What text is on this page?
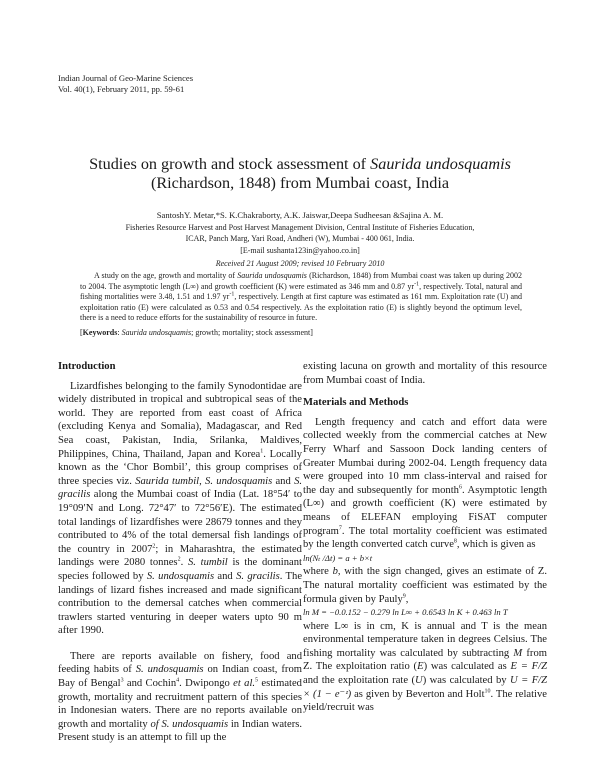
Indian Journal of Geo-Marine Sciences
Vol. 40(1), February 2011, pp. 59-61
Studies on growth and stock assessment of Saurida undosquamis
(Richardson, 1848) from Mumbai coast, India
SantoshY. Metar,*S. K.Chakraborty, A.K. Jaiswar,Deepa Sudheesan &Sajina A. M.
Fisheries Resource Harvest and Post Harvest Management Division, Central Institute of Fisheries Education,
ICAR, Panch Marg, Yari Road, Andheri (W), Mumbai - 400 061, India.
[E-mail sushanta123in@yahoo.co.in]
Received 21 August 2009; revised 10 February 2010

A study on the age, growth and mortality of Saurida undosquamis (Richardson, 1848) from Mumbai coast was taken up during 2002 to 2004. The asymptotic length (L∞) and growth coefficient (K) were estimated as 346 mm and 0.87 $yr^{-1}$, respectively. Total, natural and fishing mortalities were 3.48, 1.51 and 1.97 $yr^{-1}$, respectively. Length at first capture was estimated as 161 mm. Exploitation rate (U) and exploitation ratio (E) were calculated as 0.53 and 0.54 respectively. As the exploitation ratio (E) is slightly beyond the optimum level, there is a need to reduce efforts for the sustainability of resource in future.

[Keywords: Saurida undosquamis; growth; mortality; stock assessment]
Introduction

Lizardfishes belonging to the family Synodontidae are widely distributed in tropical and subtropical seas of the world. They are reported from east coast of Africa (excluding Kenya and Somalia), Madagascar, and Red Sea coast, Pakistan, India, Srilanka, Maldives, Philippines, China, Thailand, Japan and Korea$^1$. Locally known as the ‘Chor Bombil’, this group comprises of three species viz. Saurida tumbil, S. undosquamis and S. gracilis along the Mumbai coast of India (Lat. 18°54′ to 19°09′N and Long. 72°47′ to 72°56′E). The estimated total landings of lizardfishes were 28679 tonnes and they contributed to 4% of the total demersal fish landings of the country in 2007$^2$; in Maharashtra, the estimated landings were 2080 tonnes$^2$. S. tumbil is the dominant species followed by S. undosquamis and S. gracilis. The landings of lizard fishes increased and made significant contribution to the demersal catches when commercial trawlers started venturing in deeper waters upto 90 m after 1990.

There are reports available on fishery, food and feeding habits of S. undosquamis on Indian coast, from Bay of Bengal$^3$ and Cochin$^4$. Dwipongo et al.$^5$ estimated growth, mortality and recruitment pattern of this species in Indonesian waters. There are no reports available on growth and mortality of S. undosquamis in Indian waters. Present study is an attempt to fill up the

existing lacuna on growth and mortality of this resource from Mumbai coast of India.

Materials and Methods

Length frequency and catch and effort data were collected weekly from the commercial catches at New Ferry Wharf and Sassoon Dock landing centers of Greater Mumbai during 2002-04. Length frequency data were grouped into 10 mm class-interval and raised for the day and subsequently for month$^6$. Asymptotic length (L∞) and growth coefficient (K) were estimated by means of ELEFAN employing FiSAT computer program$^7$. The total mortality coefficient was estimated by the length converted catch curve$^8$, which is given as

ln(Nₜ /Δt) = a + b×t

where b, with the sign changed, gives an estimate of Z. The natural mortality coefficient was estimated by the formula given by Pauly$^9$,

ln M = −0.0.152 − 0.279 ln L∞ + 0.6543 ln K + 0.463 ln T

where L∞ is in cm, K is annual and T is the mean environmental temperature taken in degrees Celsius. The fishing mortality was calculated by subtracting M from Z. The exploitation ratio (E) was calculated as E = F/Z and the exploitation rate (U) was calculated by U = F/Z × (1 − e⁻ᶻ) as given by Beverton and Holt$^{10}$. The relative yield/recruit was
